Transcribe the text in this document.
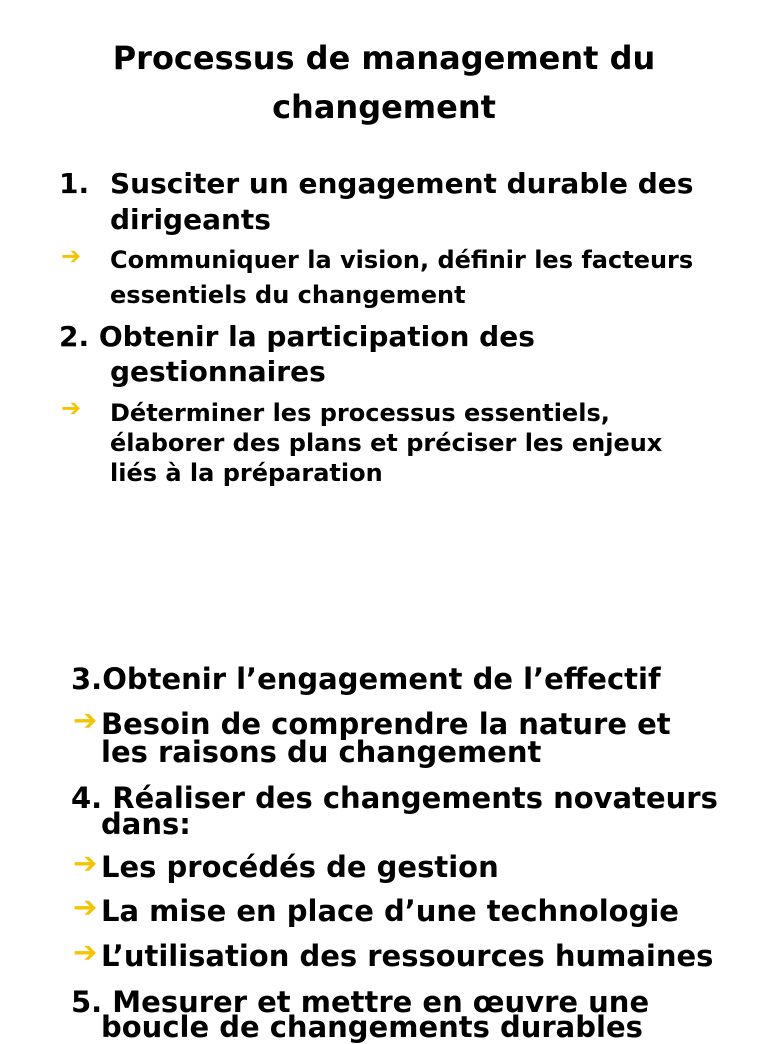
Processus de management du
changement
1. Susciter un engagement durable des
dirigeants
➔ Communiquer la vision, définir les facteurs
essentiels du changement
2. Obtenir la participation des
gestionnaires
➔ Déterminer les processus essentiels,
élaborer des plans et préciser les enjeux
liés à la préparation
3.Obtenir l’engagement de l’effectif
➔ Besoin de comprendre la nature et
les raisons du changement
4. Réaliser des changements novateurs
dans:
➔ Les procédés de gestion
➔ La mise en place d’une technologie
➔ L’utilisation des ressources humaines
5. Mesurer et mettre en œuvre une
boucle de changements durables
